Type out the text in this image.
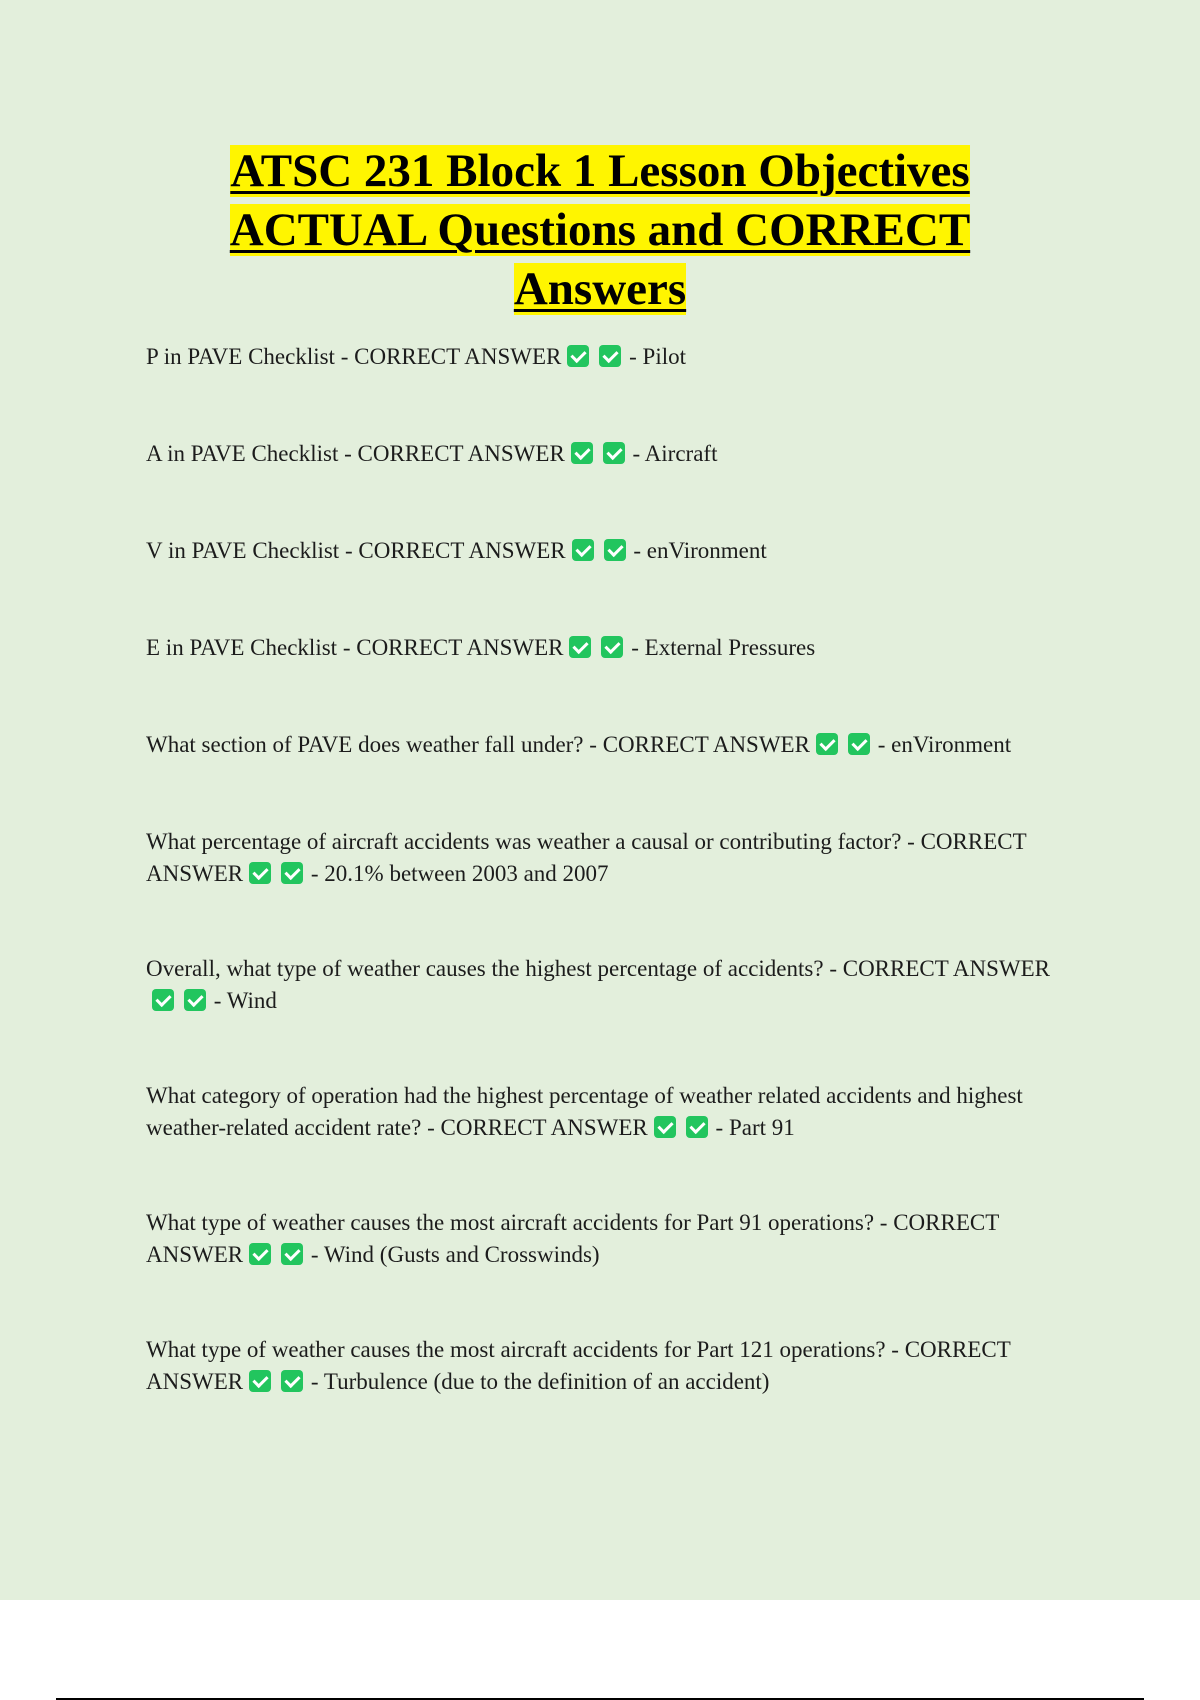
ATSC 231 Block 1 Lesson Objectives ACTUAL Questions and CORRECT Answers
P in PAVE Checklist - CORRECT ANSWER	- Pilot
A in PAVE Checklist - CORRECT ANSWER	- Aircraft
V in PAVE Checklist - CORRECT ANSWER	- enVironment
E in PAVE Checklist - CORRECT ANSWER	- External Pressures
What section of PAVE does weather fall under? - CORRECT ANSWER	- enVironment
What percentage of aircraft accidents was weather a causal or contributing factor? - CORRECT ANSWER	- 20.1% between 2003 and 2007
Overall, what type of weather causes the highest percentage of accidents? - CORRECT ANSWER - Wind
What category of operation had the highest percentage of weather related accidents and highest weather-related accident rate? - CORRECT ANSWER	- Part 91
What type of weather causes the most aircraft accidents for Part 91 operations? - CORRECT ANSWER	- Wind (Gusts and Crosswinds)
What type of weather causes the most aircraft accidents for Part 121 operations? - CORRECT ANSWER	- Turbulence (due to the definition of an accident)
